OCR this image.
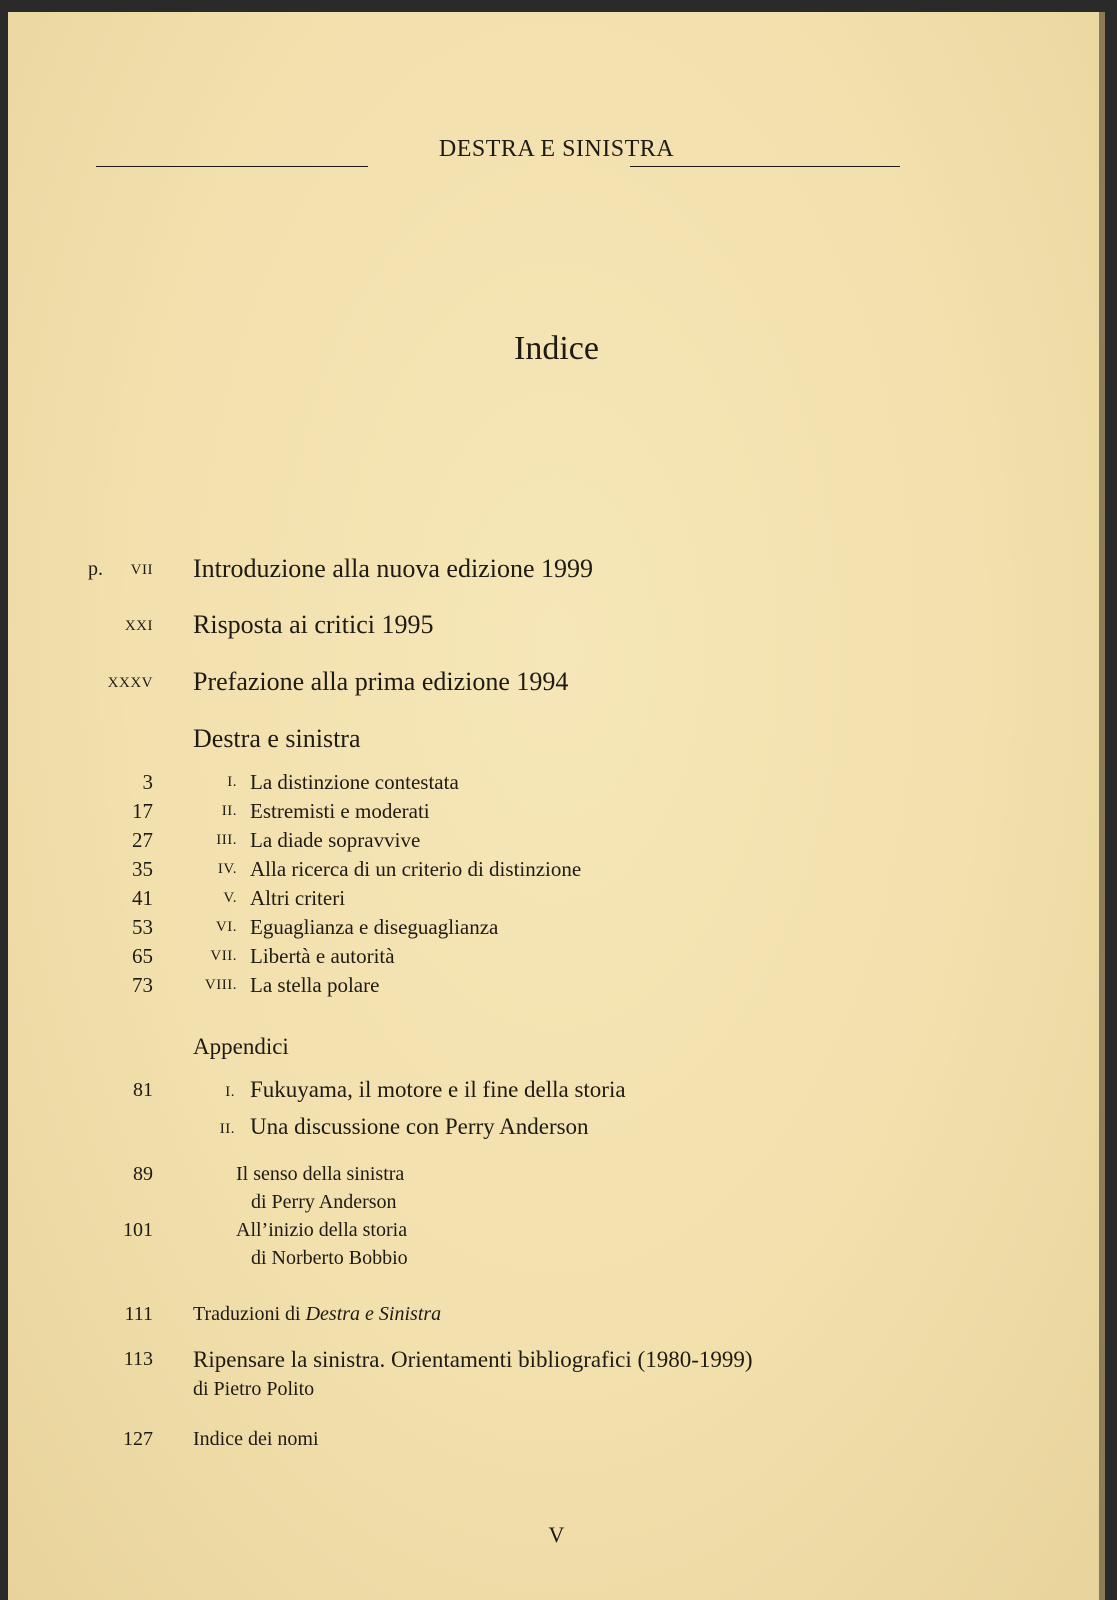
DESTRA E SINISTRA
Indice
p. VII Introduzione alla nuova edizione 1999
XXI Risposta ai critici 1995
XXXV Prefazione alla prima edizione 1994
Destra e sinistra
3	I. La distinzione contestata
17	II. Estremisti e moderati
27	III. La diade sopravvive
35	IV. Alla ricerca di un criterio di distinzione
41	V. Altri criteri
53	VI. Eguaglianza e diseguaglianza
65	VII. Libertà e autorità
73	VIII. La stella polare
Appendici
81	I. Fukuyama, il motore e il fine della storia
II. Una discussione con Perry Anderson
89	Il senso della sinistra
di Perry Anderson
101	All’inizio della storia
di Norberto Bobbio
111 Traduzioni di Destra e Sinistra
113 Ripensare la sinistra. Orientamenti bibliografici (1980-1999)
di Pietro Polito
127 Indice dei nomi
V
